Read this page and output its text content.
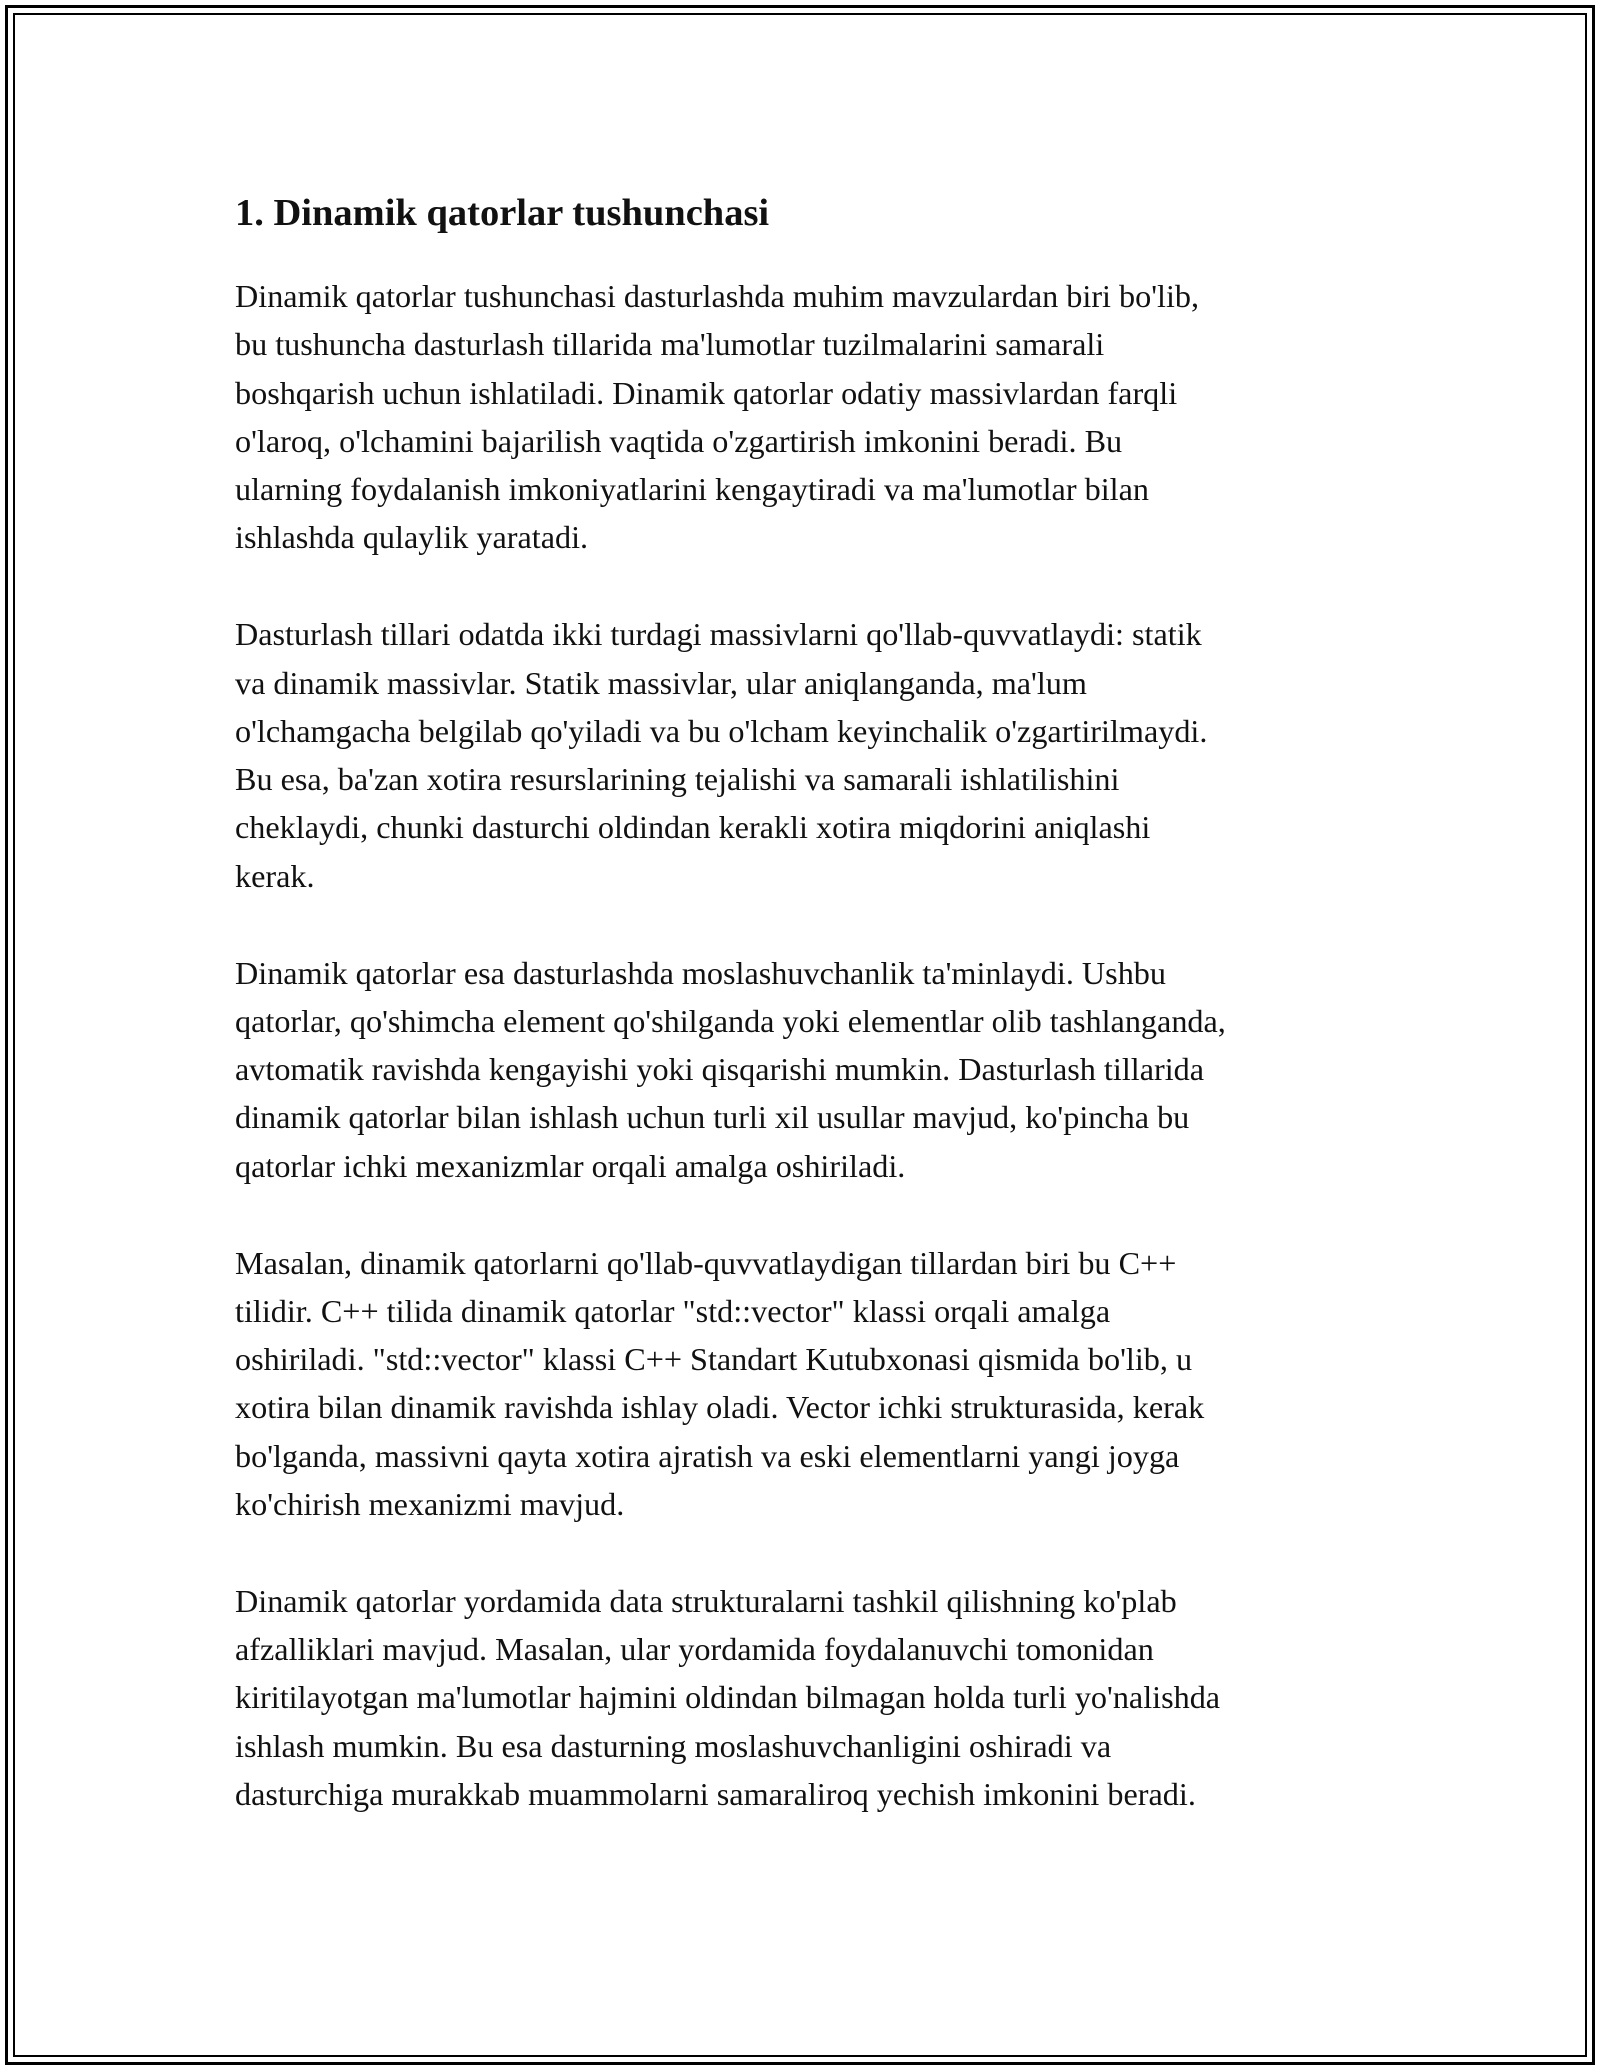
1. Dinamik qatorlar tushunchasi

Dinamik qatorlar tushunchasi dasturlashda muhim mavzulardan biri bo'lib,
bu tushuncha dasturlash tillarida ma'lumotlar tuzilmalarini samarali
boshqarish uchun ishlatiladi. Dinamik qatorlar odatiy massivlardan farqli
o'laroq, o'lchamini bajarilish vaqtida o'zgartirish imkonini beradi. Bu
ularning foydalanish imkoniyatlarini kengaytiradi va ma'lumotlar bilan
ishlashda qulaylik yaratadi.

Dasturlash tillari odatda ikki turdagi massivlarni qo'llab-quvvatlaydi: statik
va dinamik massivlar. Statik massivlar, ular aniqlanganda, ma'lum
o'lchamgacha belgilab qo'yiladi va bu o'lcham keyinchalik o'zgartirilmaydi.
Bu esa, ba'zan xotira resurslarining tejalishi va samarali ishlatilishini
cheklaydi, chunki dasturchi oldindan kerakli xotira miqdorini aniqlashi
kerak.

Dinamik qatorlar esa dasturlashda moslashuvchanlik ta'minlaydi. Ushbu
qatorlar, qo'shimcha element qo'shilganda yoki elementlar olib tashlanganda,
avtomatik ravishda kengayishi yoki qisqarishi mumkin. Dasturlash tillarida
dinamik qatorlar bilan ishlash uchun turli xil usullar mavjud, ko'pincha bu
qatorlar ichki mexanizmlar orqali amalga oshiriladi.

Masalan, dinamik qatorlarni qo'llab-quvvatlaydigan tillardan biri bu C++
tilidir. C++ tilida dinamik qatorlar "std::vector" klassi orqali amalga
oshiriladi. "std::vector" klassi C++ Standart Kutubxonasi qismida bo'lib, u
xotira bilan dinamik ravishda ishlay oladi. Vector ichki strukturasida, kerak
bo'lganda, massivni qayta xotira ajratish va eski elementlarni yangi joyga
ko'chirish mexanizmi mavjud.

Dinamik qatorlar yordamida data strukturalarni tashkil qilishning ko'plab
afzalliklari mavjud. Masalan, ular yordamida foydalanuvchi tomonidan
kiritilayotgan ma'lumotlar hajmini oldindan bilmagan holda turli yo'nalishda
ishlash mumkin. Bu esa dasturning moslashuvchanligini oshiradi va
dasturchiga murakkab muammolarni samaraliroq yechish imkonini beradi.
